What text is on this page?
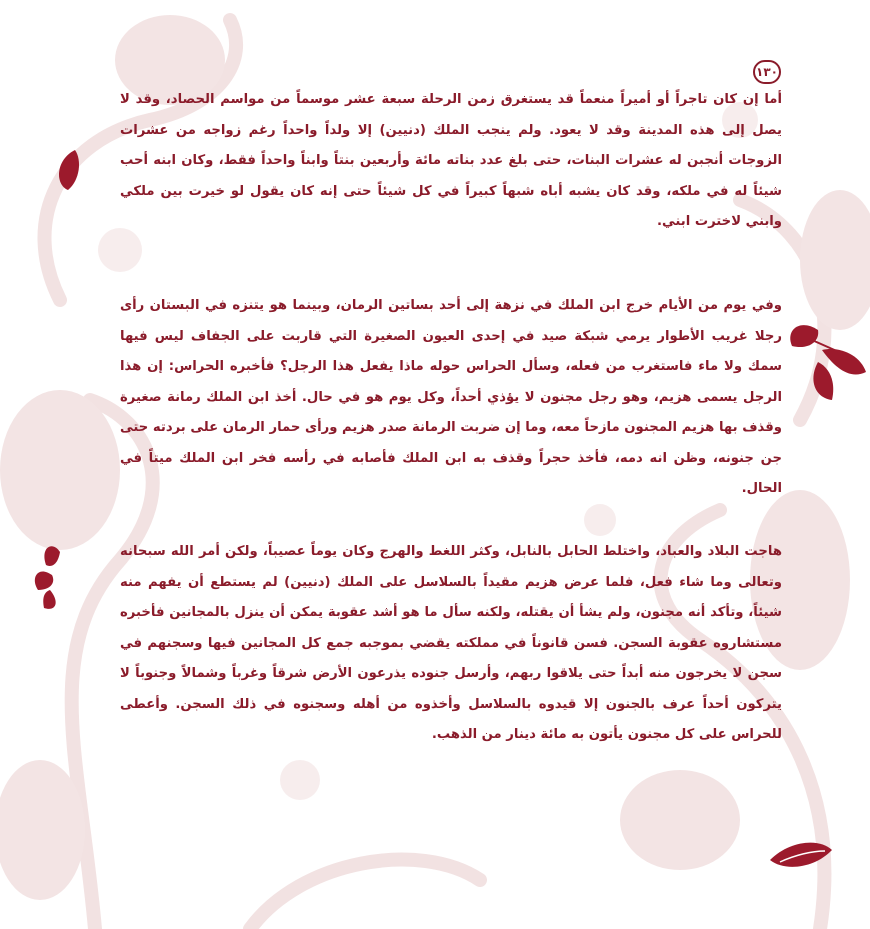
١٣٠

أما إن كان تاجراً أو أميراً منعماً قد يستغرق زمن الرحلة سبعة عشر موسماً من مواسم الحصاد، وقد لا يصل إلى هذه المدينة وقد لا يعود. ولم ينجب الملك (دنيين) إلا ولداً واحداً رغم زواجه من عشرات الزوجات أنجبن له عشرات البنات، حتى بلغ عدد بناته مائة وأربعين بنتاً وابناً واحداً فقط، وكان ابنه أحب شيئاً له في ملكه، وقد كان يشبه أباه شبهاً كبيراً في كل شيئاً حتى إنه كان يقول لو خيرت بين ملكي وابني لاخترت ابني.

وفي يوم من الأيام خرج ابن الملك في نزهة إلى أحد بساتين الرمان، وبينما هو يتنزه في البستان رأى رجلا غريب الأطوار يرمي شبكة صيد في إحدى العيون الصغيرة التي قاربت على الجفاف ليس فيها سمك ولا ماء فاستغرب من فعله، وسأل الحراس حوله ماذا يفعل هذا الرجل؟ فأخبره الحراس: إن هذا الرجل يسمى هزيم، وهو رجل مجنون لا يؤذي أحداً، وكل يوم هو في حال. أخذ ابن الملك رمانة صغيرة وقذف بها هزيم المجنون مازحاً معه، وما إن ضربت الرمانة صدر هزيم ورأى حمار الرمان على بردته حتى جن جنونه، وظن انه دمه، فأخذ حجراً وقذف به ابن الملك فأصابه في رأسه فخر ابن الملك ميتاً في الحال.

هاجت البلاد والعباد، واختلط الحابل بالنابل، وكثر اللغط والهرج وكان يوماً عصيباً، ولكن أمر الله سبحانه وتعالى وما شاء فعل، فلما عرض هزيم مقيداً بالسلاسل على الملك (دنيين) لم يستطع أن يفهم منه شيئاً، وتأكد أنه مجنون، ولم يشأ أن يقتله، ولكنه سأل ما هو أشد عقوبة يمكن أن ينزل بالمجانين فأخبره مستشاروه عقوبة السجن. فسن قانوناً في مملكته يقضي بموجبه جمع كل المجانين فيها وسجنهم في سجن لا يخرجون منه أبداً حتى يلاقوا ربهم، وأرسل جنوده يذرعون الأرض شرقاً وغرباً وشمالاً وجنوباً لا يتركون أحداً عرف بالجنون إلا قيدوه بالسلاسل وأخذوه من أهله وسجنوه في ذلك السجن. وأعطى للحراس على كل مجنون يأتون به مائة دينار من الذهب.
